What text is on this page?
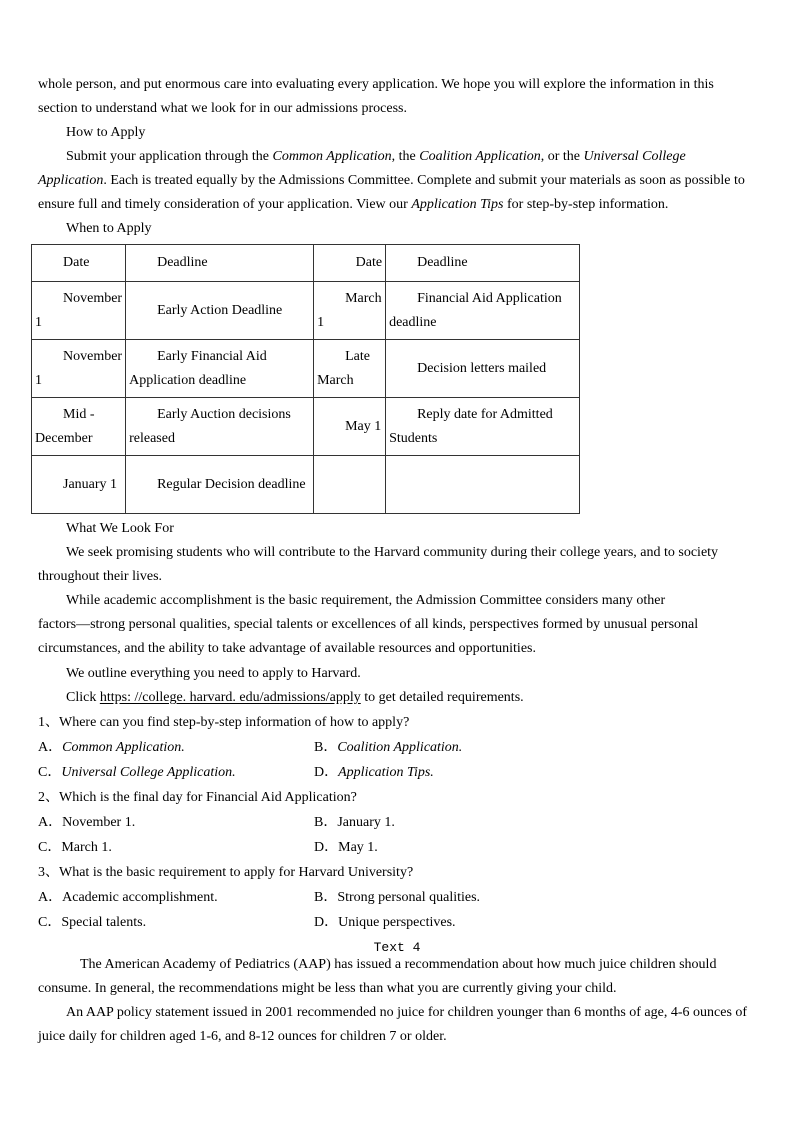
whole person, and put enormous care into evaluating every application. We hope you will explore the information in this
section to understand what we look for in our admissions process.
How to Apply
Submit your application through the Common Application, the Coalition Application, or the Universal College
Application. Each is treated equally by the Admissions Committee. Complete and submit your materials as soon as possible to
ensure full and timely consideration of your application. View our Application Tips for step-by-step information.
When to Apply
Date	Deadline	Date	Deadline
November 1	Early Action Deadline	March 1	Financial Aid Application deadline
November 1	Early Financial Aid Application deadline	Late March	Decision letters mailed
Mid - December	Early Auction decisions released	May 1	Reply date for Admitted Students
January 1	Regular Decision deadline		
What We Look For
We seek promising students who will contribute to the Harvard community during their college years, and to society
throughout their lives.
While academic accomplishment is the basic requirement, the Admission Committee considers many other
factors—strong personal qualities, special talents or excellences of all kinds, perspectives formed by unusual personal
circumstances, and the ability to take advantage of available resources and opportunities.
We outline everything you need to apply to Harvard.
Click https: //college. harvard. edu/admissions/apply to get detailed requirements.
1、Where can you find step-by-step information of how to apply?
A．Common Application.	B．Coalition Application.
C．Universal College Application.	D．Application Tips.
2、Which is the final day for Financial Aid Application?
A．November 1.	B．January 1.
C．March 1.	D．May 1.
3、What is the basic requirement to apply for Harvard University?
A．Academic accomplishment.	B．Strong personal qualities.
C．Special talents.	D．Unique perspectives.
Text 4
The American Academy of Pediatrics (AAP) has issued a recommendation about how much juice children should
consume. In general, the recommendations might be less than what you are currently giving your child.
An AAP policy statement issued in 2001 recommended no juice for children younger than 6 months of age, 4-6 ounces of
juice daily for children aged 1-6, and 8-12 ounces for children 7 or older.
